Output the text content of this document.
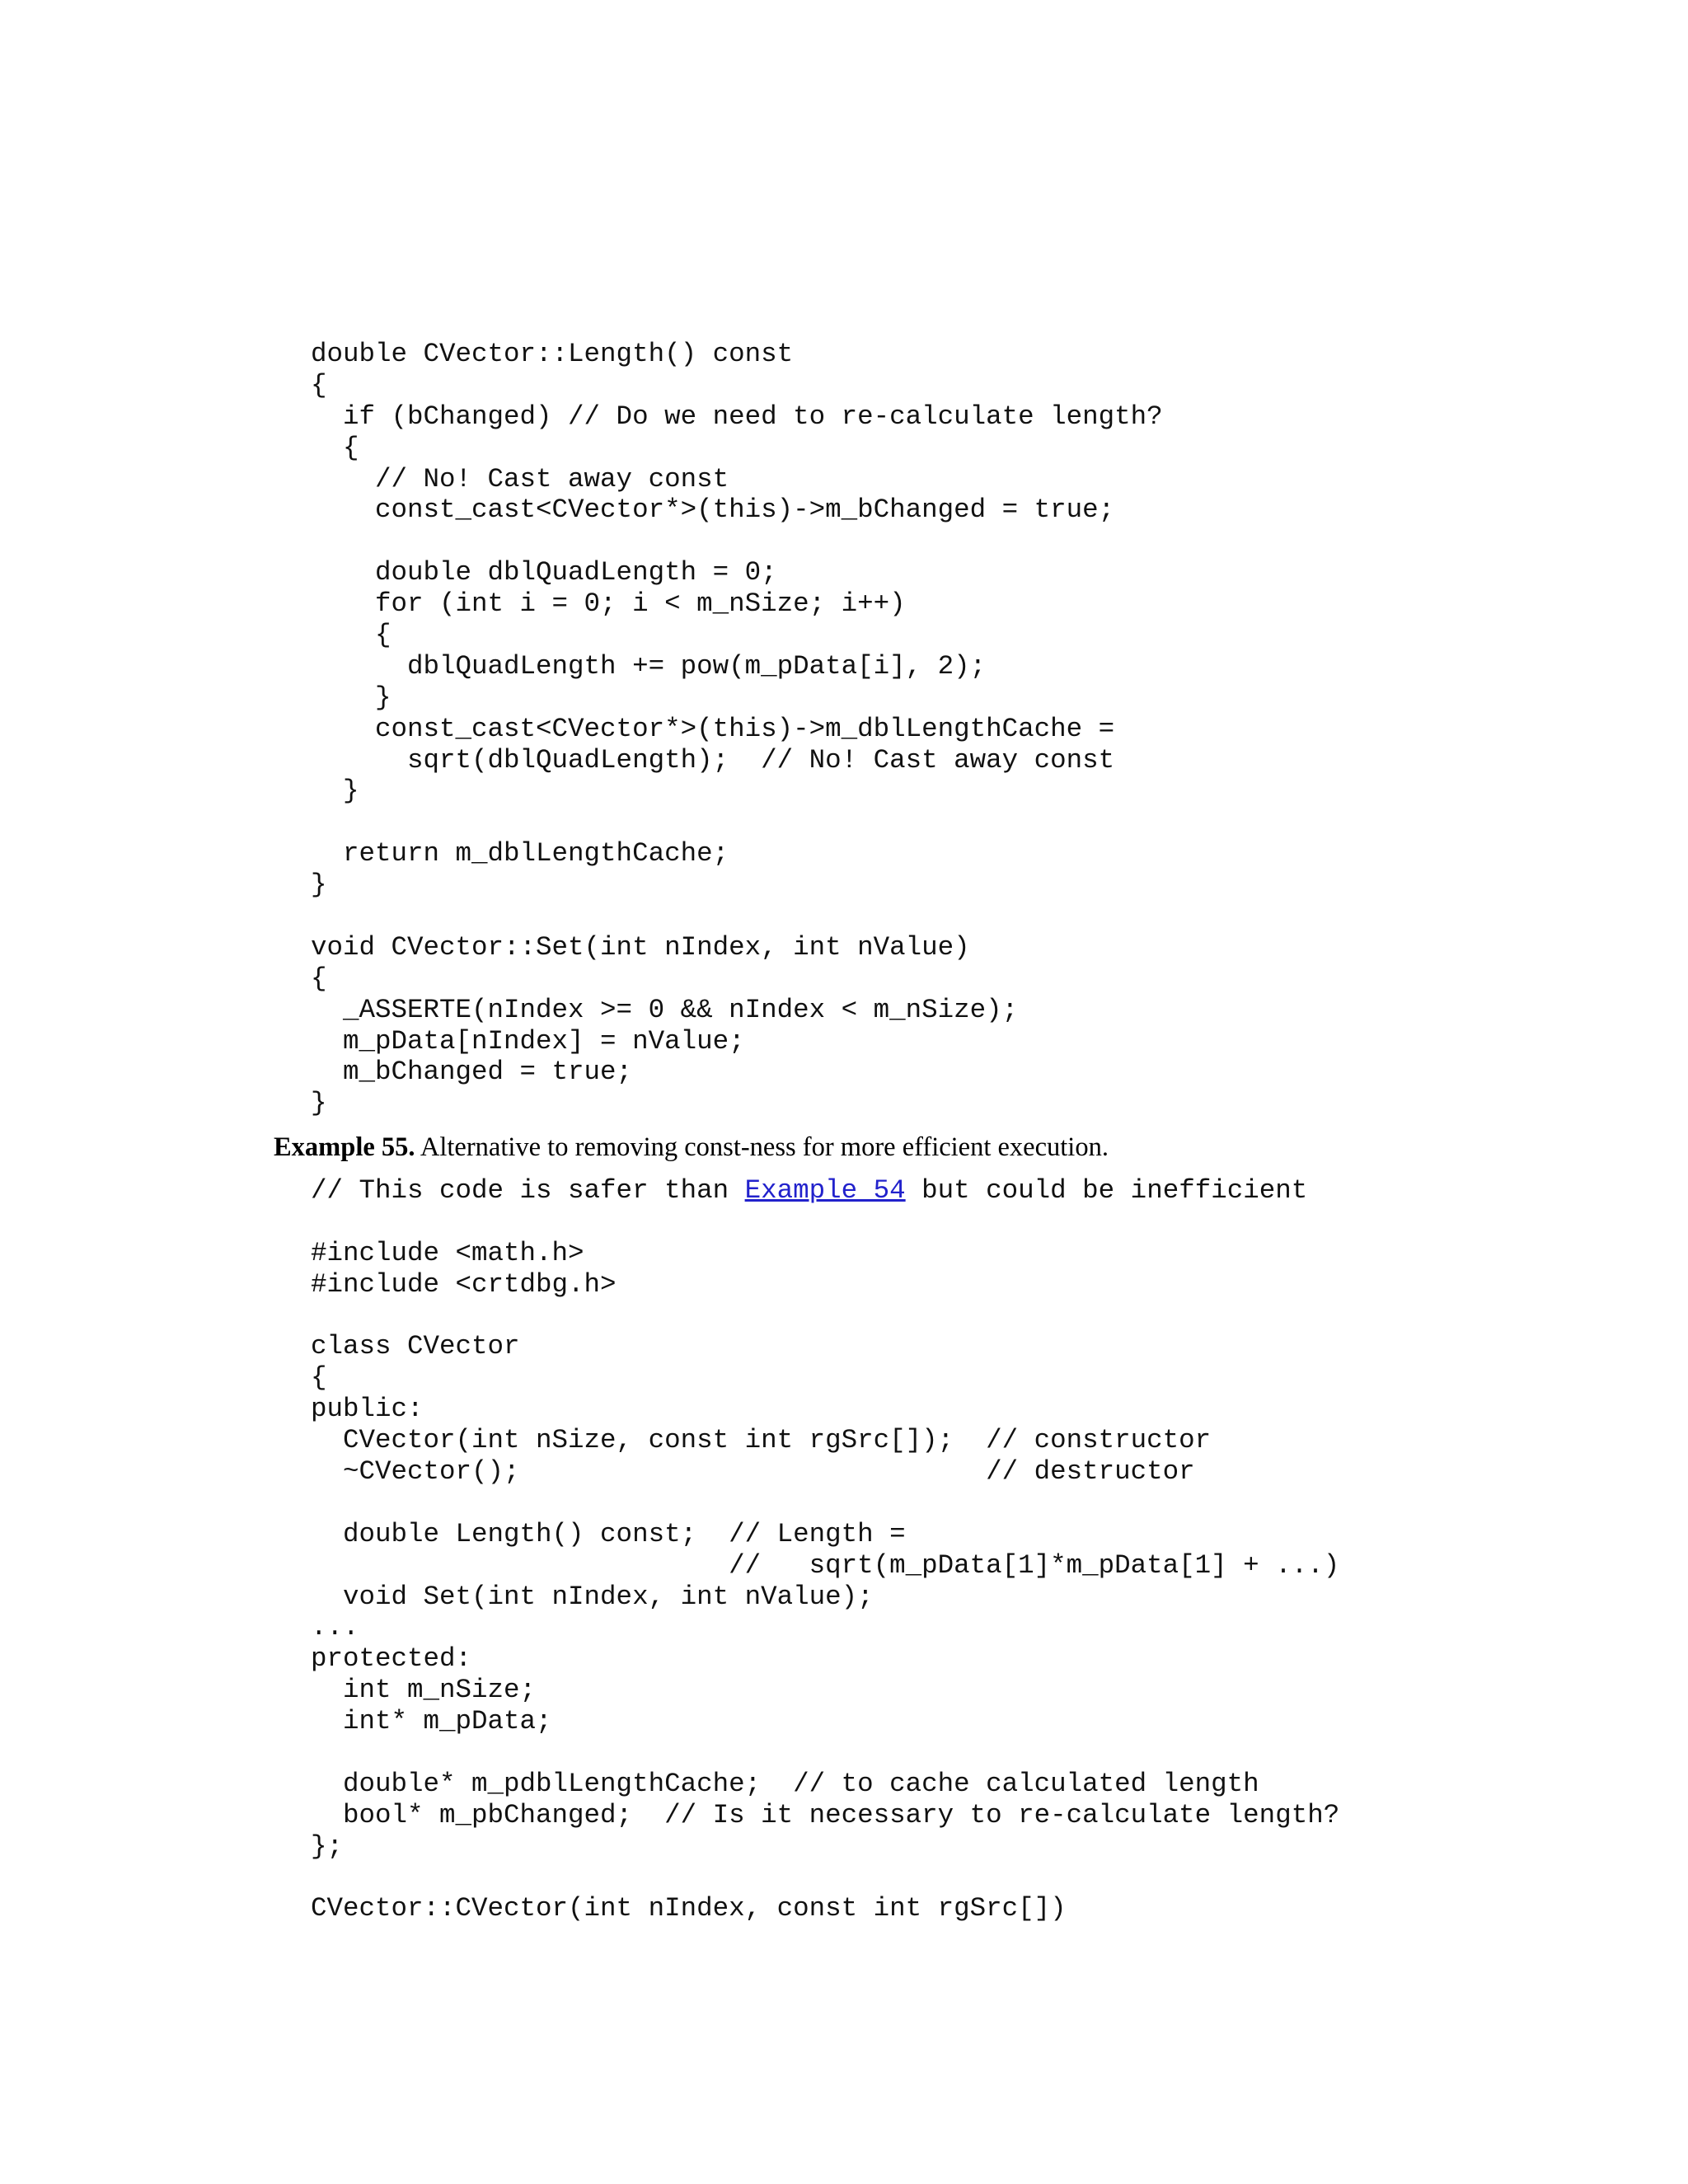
double CVector::Length() const
{
if (bChanged) // Do we need to re-calculate length?
{
// No! Cast away const
const_cast<CVector*>(this)->m_bChanged = true;

double dblQuadLength = 0;
for (int i = 0; i < m_nSize; i++)
{
dblQuadLength += pow(m_pData[i], 2);
}
const_cast<CVector*>(this)->m_dblLengthCache =
sqrt(dblQuadLength);  // No! Cast away const
}

return m_dblLengthCache;
}

void CVector::Set(int nIndex, int nValue)
{
_ASSERTE(nIndex >= 0 && nIndex < m_nSize);
m_pData[nIndex] = nValue;
m_bChanged = true;
}
Example 55. Alternative to removing const-ness for more efficient execution.
// This code is safer than Example 54 but could be inefficient

#include <math.h>
#include <crtdbg.h>

class CVector
{
public:
CVector(int nSize, const int rgSrc[]);  // constructor
~CVector();                             // destructor

double Length() const;  // Length =
//   sqrt(m_pData[1]*m_pData[1] + ...)
void Set(int nIndex, int nValue);
...
protected:
int m_nSize;
int* m_pData;

double* m_pdblLengthCache;  // to cache calculated length
bool* m_pbChanged;  // Is it necessary to re-calculate length?
};

CVector::CVector(int nIndex, const int rgSrc[])
